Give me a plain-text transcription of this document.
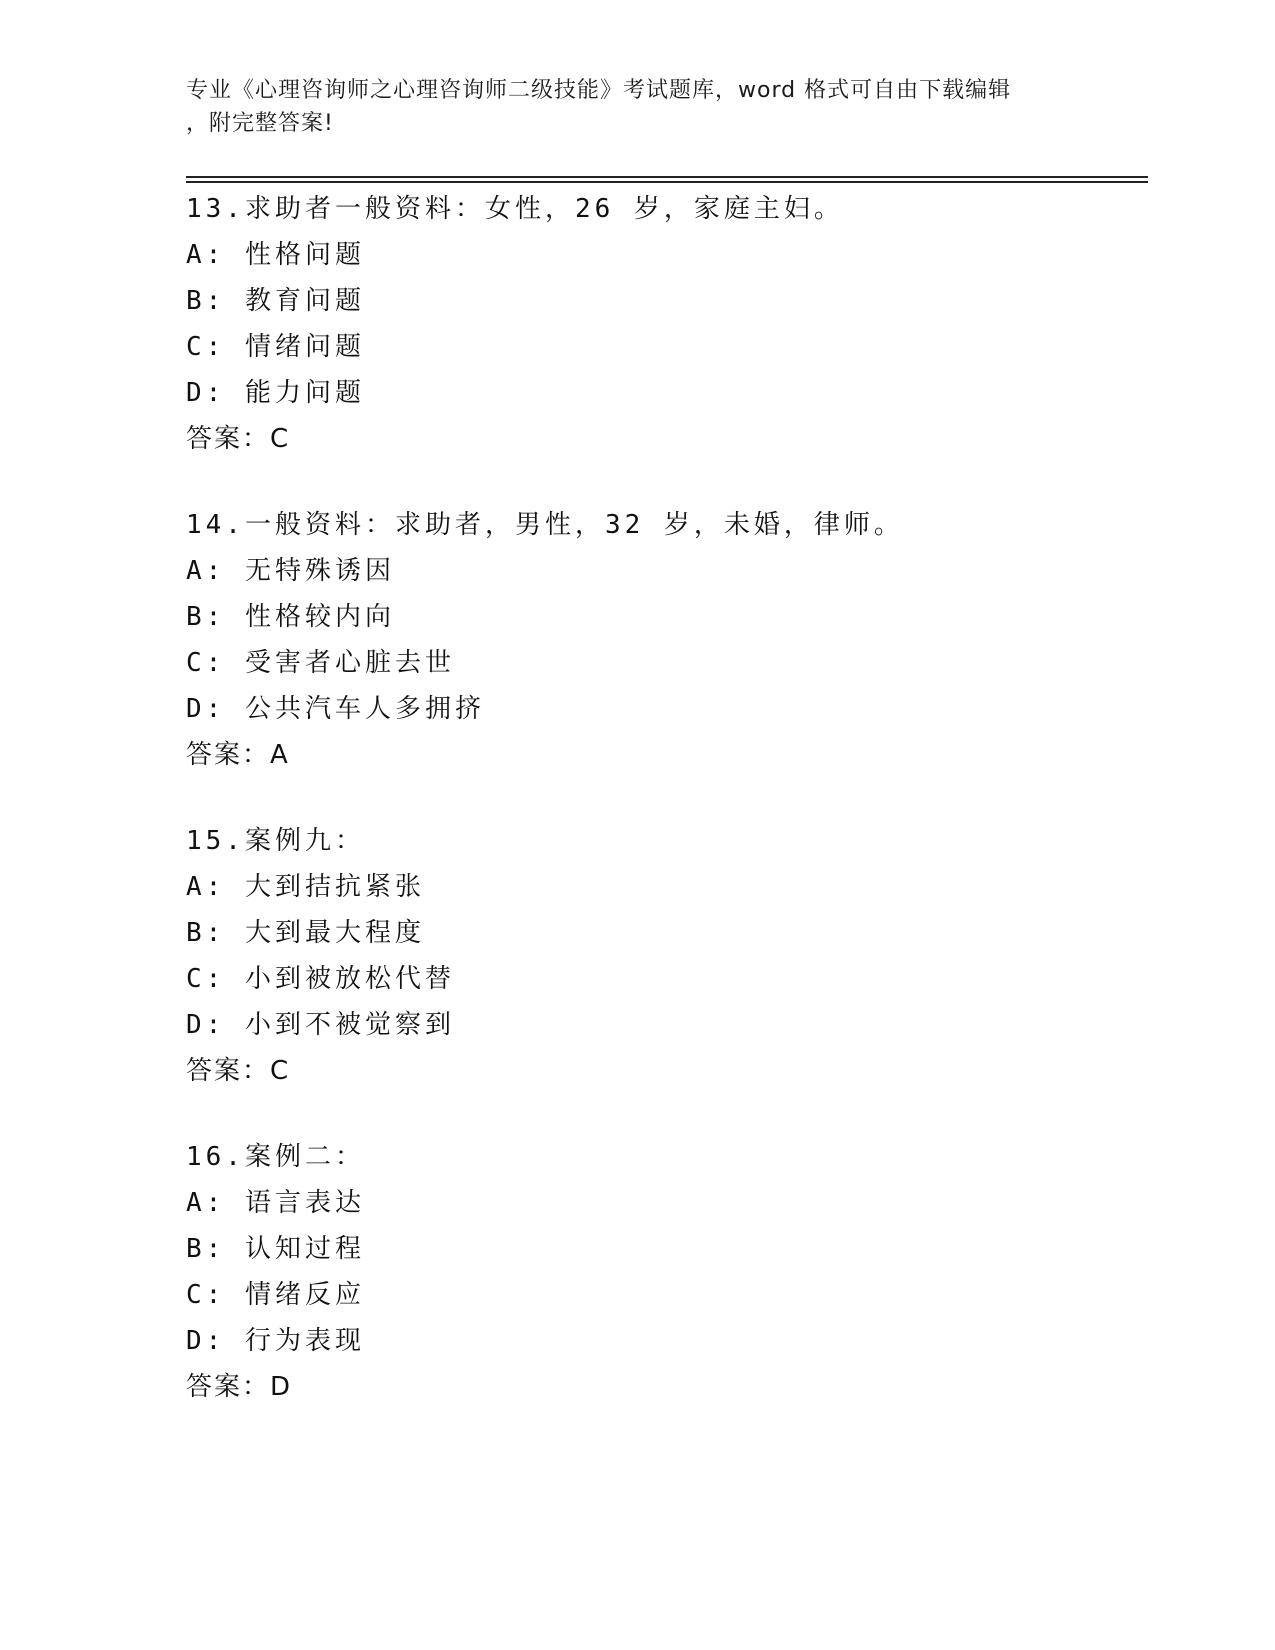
专业《心理咨询师之心理咨询师二级技能》考试题库，word 格式可自由下载编辑
，附完整答案!
13.求助者一般资料：女性，26 岁，家庭主妇。
A: 性格问题
B: 教育问题
C: 情绪问题
D: 能力问题
答案：C
14.一般资料：求助者，男性，32 岁，未婚，律师。
A: 无特殊诱因
B: 性格较内向
C: 受害者心脏去世
D: 公共汽车人多拥挤
答案：A
15.案例九：
A: 大到拮抗紧张
B: 大到最大程度
C: 小到被放松代替
D: 小到不被觉察到
答案：C
16.案例二：
A: 语言表达
B: 认知过程
C: 情绪反应
D: 行为表现
答案：D
